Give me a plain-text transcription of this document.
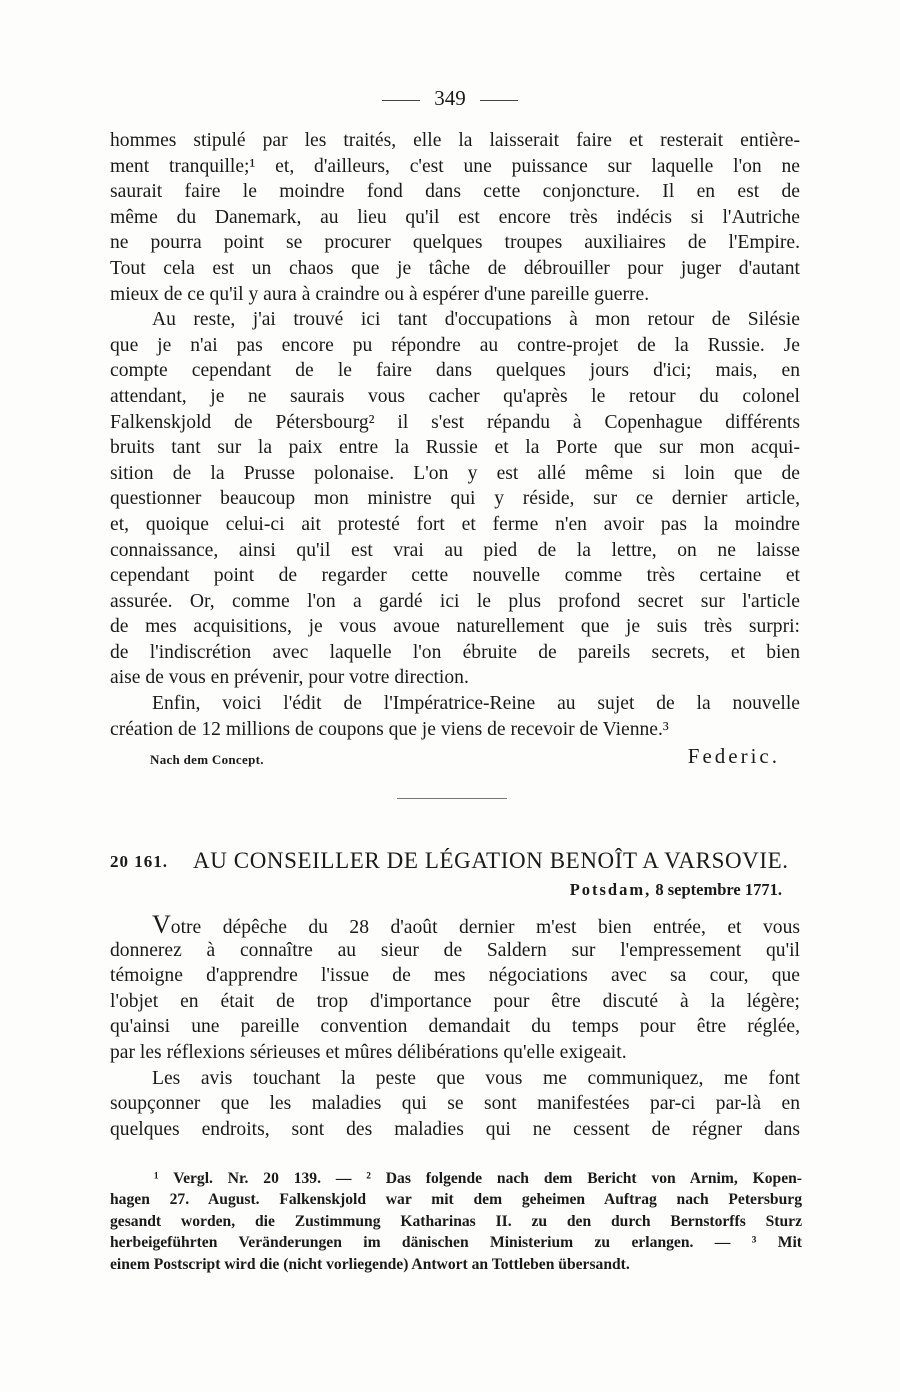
349
hommes stipulé par les traités, elle la laisserait faire et resterait entière-
ment tranquille;¹ et, d'ailleurs, c'est une puissance sur laquelle l'on ne
saurait faire le moindre fond dans cette conjoncture. Il en est de
même du Danemark, au lieu qu'il est encore très indécis si l'Autriche
ne pourra point se procurer quelques troupes auxiliaires de l'Empire.
Tout cela est un chaos que je tâche de débrouiller pour juger d'autant
mieux de ce qu'il y aura à craindre ou à espérer d'une pareille guerre.
Au reste, j'ai trouvé ici tant d'occupations à mon retour de Silésie
que je n'ai pas encore pu répondre au contre-projet de la Russie. Je
compte cependant de le faire dans quelques jours d'ici; mais, en
attendant, je ne saurais vous cacher qu'après le retour du colonel
Falkenskjold de Pétersbourg² il s'est répandu à Copenhague différents
bruits tant sur la paix entre la Russie et la Porte que sur mon acqui-
sition de la Prusse polonaise. L'on y est allé même si loin que de
questionner beaucoup mon ministre qui y réside, sur ce dernier article,
et, quoique celui-ci ait protesté fort et ferme n'en avoir pas la moindre
connaissance, ainsi qu'il est vrai au pied de la lettre, on ne laisse
cependant point de regarder cette nouvelle comme très certaine et
assurée. Or, comme l'on a gardé ici le plus profond secret sur l'article
de mes acquisitions, je vous avoue naturellement que je suis très surpri:
de l'indiscrétion avec laquelle l'on ébruite de pareils secrets, et bien
aise de vous en prévenir, pour votre direction.
Enfin, voici l'édit de l'Impératrice-Reine au sujet de la nouvelle
création de 12 millions de coupons que je viens de recevoir de Vienne.³
Nach dem Concept.	Federic.
20 161. AU CONSEILLER DE LÉGATION BENOÎT A VARSOVIE.
Potsdam, 8 septembre 1771.
Votre dépêche du 28 d'août dernier m'est bien entrée, et vous
donnerez à connaître au sieur de Saldern sur l'empressement qu'il
témoigne d'apprendre l'issue de mes négociations avec sa cour, que
l'objet en était de trop d'importance pour être discuté à la légère;
qu'ainsi une pareille convention demandait du temps pour être réglée,
par les réflexions sérieuses et mûres délibérations qu'elle exigeait.
Les avis touchant la peste que vous me communiquez, me font
soupçonner que les maladies qui se sont manifestées par-ci par-là en
quelques endroits, sont des maladies qui ne cessent de régner dans
¹ Vergl. Nr. 20 139. — ² Das folgende nach dem Bericht von Arnim, Kopen-
hagen 27. August. Falkenskjold war mit dem geheimen Auftrag nach Petersburg
gesandt worden, die Zustimmung Katharinas II. zu den durch Bernstorffs Sturz
herbeigeführten Veränderungen im dänischen Ministerium zu erlangen. — ³ Mit
einem Postscript wird die (nicht vorliegende) Antwort an Tottleben übersandt.
